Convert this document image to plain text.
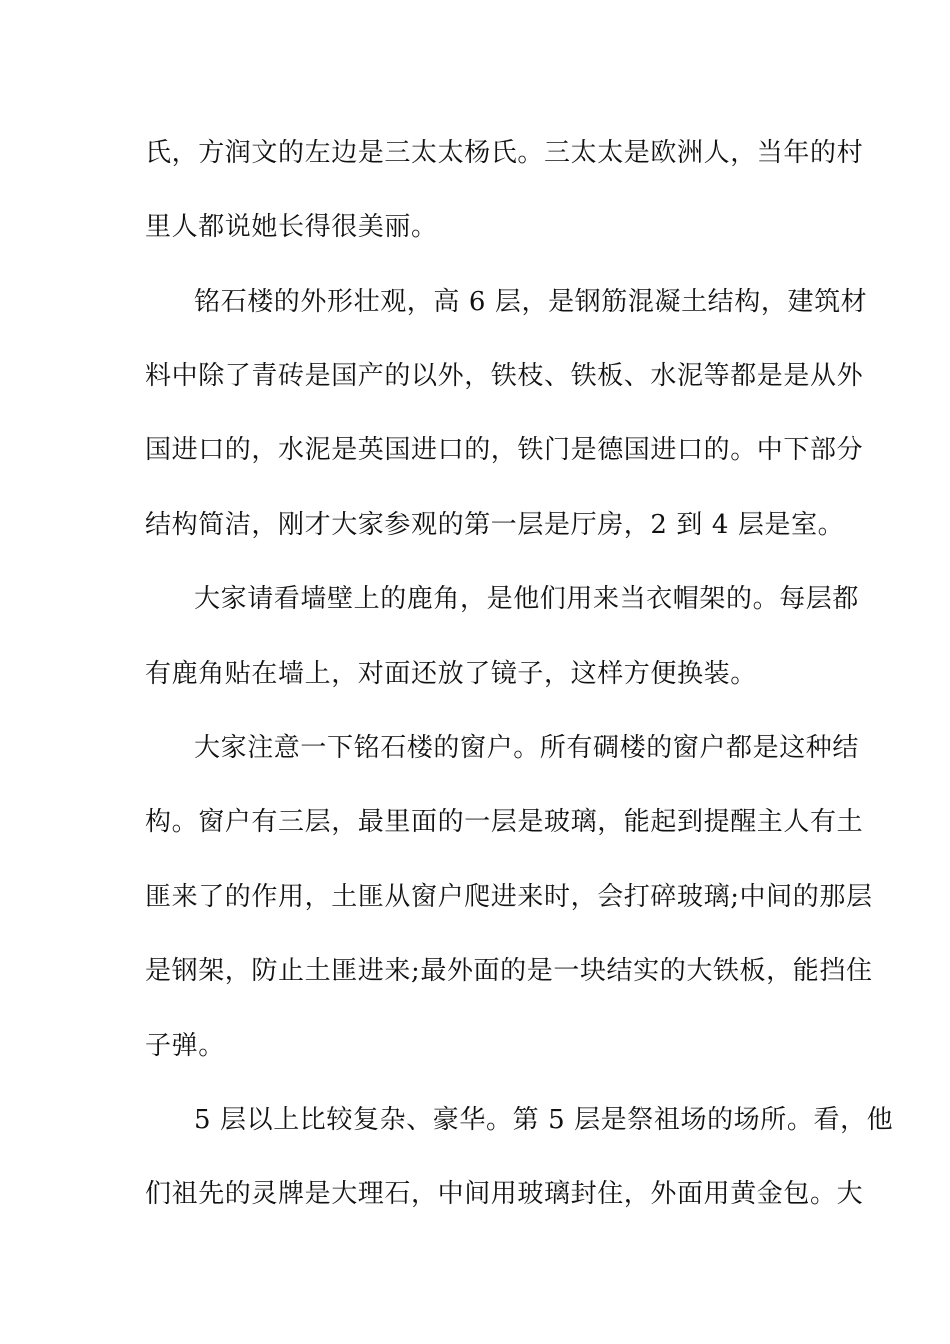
氏，方润文的左边是三太太杨氏。三太太是欧洲人，当年的村
里人都说她长得很美丽。
铭石楼的外形壮观，高 6 层，是钢筋混凝土结构，建筑材
料中除了青砖是国产的以外，铁枝、铁板、水泥等都是是从外
国进口的，水泥是英国进口的，铁门是德国进口的。中下部分
结构简洁，刚才大家参观的第一层是厅房，2 到 4 层是室。
大家请看墙壁上的鹿角，是他们用来当衣帽架的。每层都
有鹿角贴在墙上，对面还放了镜子，这样方便换装。
大家注意一下铭石楼的窗户。所有碉楼的窗户都是这种结
构。窗户有三层，最里面的一层是玻璃，能起到提醒主人有土
匪来了的作用，土匪从窗户爬进来时，会打碎玻璃;中间的那层
是钢架，防止土匪进来;最外面的是一块结实的大铁板，能挡住
子弹。
5 层以上比较复杂、豪华。第 5 层是祭祖场的场所。看，他
们祖先的灵牌是大理石，中间用玻璃封住，外面用黄金包。大
